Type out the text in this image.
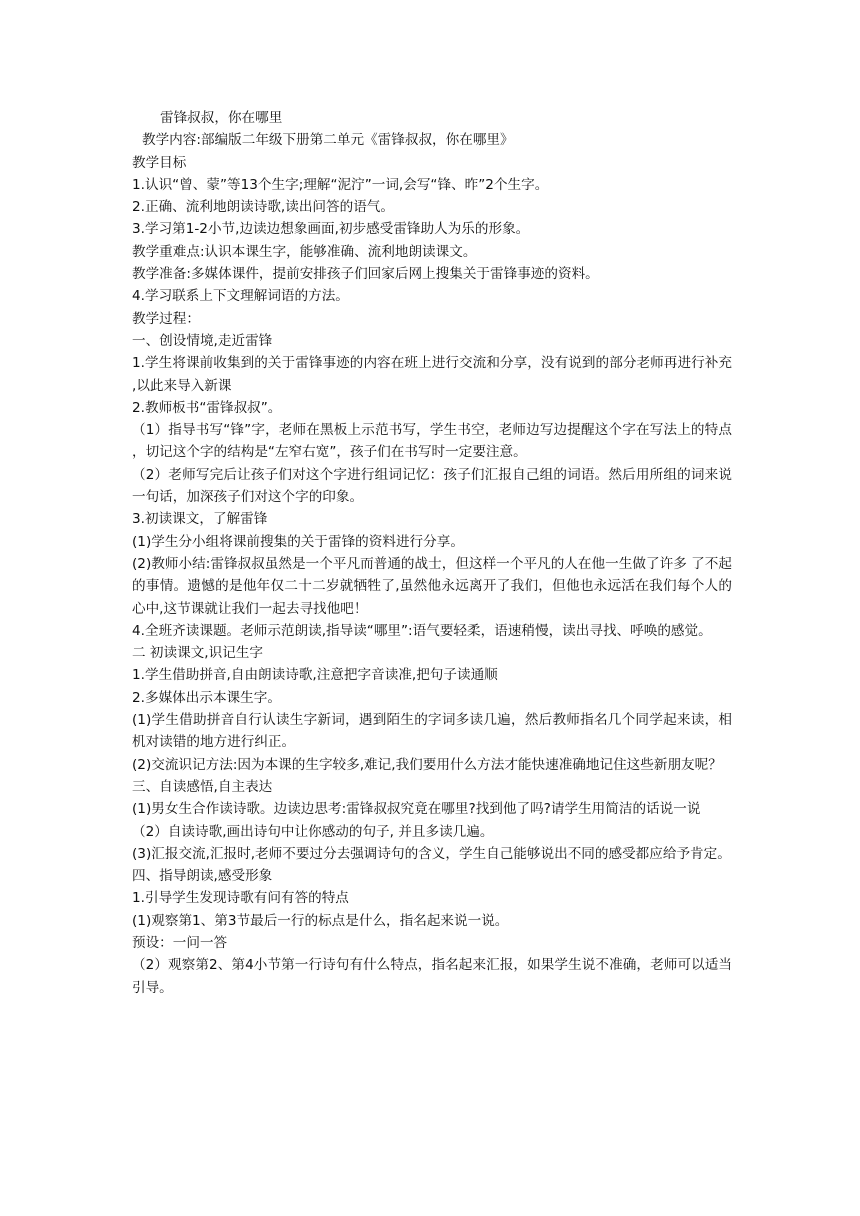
雷锋叔叔，你在哪里
教学内容:部编版二年级下册第二单元《雷锋叔叔，你在哪里》
教学目标
1.认识“曾、蒙”等13个生字;理解“泥泞”一词,会写“锋、昨”2个生字。
2.正确、流利地朗读诗歌,读出问答的语气。
3.学习第1-2小节,边读边想象画面,初步感受雷锋助人为乐的形象。
教学重难点:认识本课生字，能够准确、流利地朗读课文。
教学准备:多媒体课件，提前安排孩子们回家后网上搜集关于雷锋事迹的资料。
4.学习联系上下文理解词语的方法。
教学过程：
一、创设情境,走近雷锋
1.学生将课前收集到的关于雷锋事迹的内容在班上进行交流和分享，没有说到的部分老师再进行补充,以此来导入新课
2.教师板书“雷锋叔叔”。
（1）指导书写“锋”字，老师在黑板上示范书写，学生书空，老师边写边提醒这个字在写法上的特点，切记这个字的结构是“左窄右宽”，孩子们在书写时一定要注意。
（2）老师写完后让孩子们对这个字进行组词记忆：孩子们汇报自己组的词语。然后用所组的词来说一句话，加深孩子们对这个字的印象。
3.初读课文，了解雷锋
(1)学生分小组将课前搜集的关于雷锋的资料进行分享。
(2)教师小结:雷锋叔叔虽然是一个平凡而普通的战士，但这样一个平凡的人在他一生做了许多 了不起的事情。遗憾的是他年仅二十二岁就牺牲了,虽然他永远离开了我们，但他也永远活在我们每个人的心中,这节课就让我们一起去寻找他吧！
4.全班齐读课题。老师示范朗读,指导读“哪里”:语气要轻柔，语速稍慢，读出寻找、呼唤的感觉。
二 初读课文,识记生字
1.学生借助拼音,自由朗读诗歌,注意把字音读准,把句子读通顺
2.多媒体出示本课生字。
(1)学生借助拼音自行认读生字新词，遇到陌生的字词多读几遍，然后教师指名几个同学起来读，相机对读错的地方进行纠正。
(2)交流识记方法:因为本课的生字较多,难记,我们要用什么方法才能快速准确地记住这些新朋友呢？
三、自读感悟,自主表达
(1)男女生合作读诗歌。边读边思考:雷锋叔叔究竟在哪里?找到他了吗?请学生用简洁的话说一说
（2）自读诗歌,画出诗句中让你感动的句子, 并且多读几遍。
(3)汇报交流,汇报时,老师不要过分去强调诗句的含义，学生自己能够说出不同的感受都应给予肯定。
四、指导朗读,感受形象
1.引导学生发现诗歌有问有答的特点
(1)观察第1、第3节最后一行的标点是什么，指名起来说一说。
预设：一问一答
（2）观察第2、第4小节第一行诗句有什么特点，指名起来汇报，如果学生说不准确，老师可以适当引导。
